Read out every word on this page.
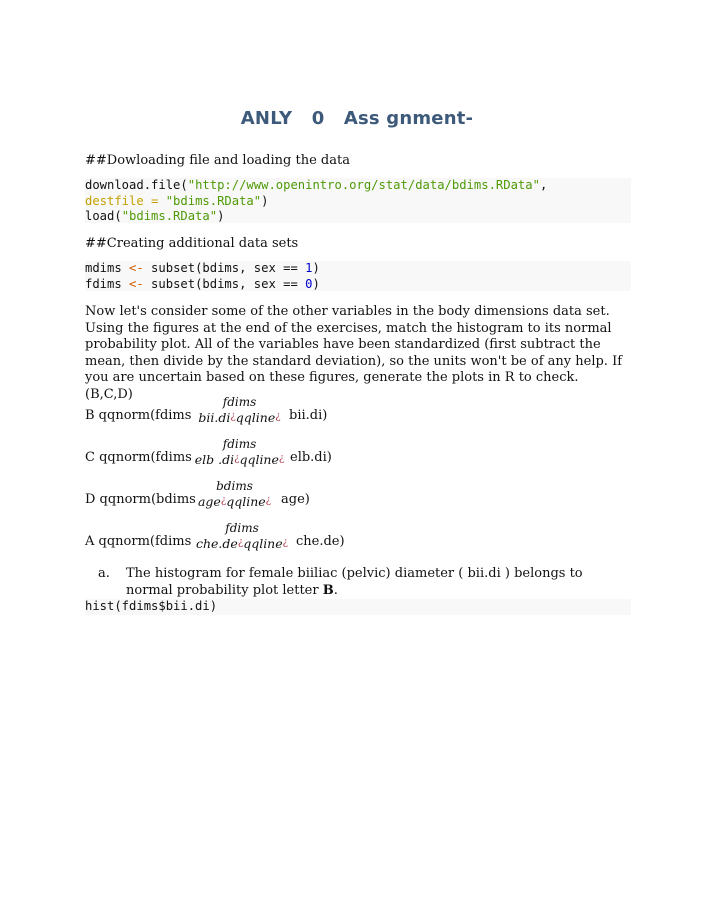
ANLY   0   Ass gnment-
##Dowloading file and loading the data
download.file("http://www.openintro.org/stat/data/bdims.RData",
destfile = "bdims.RData")
load("bdims.RData")
##Creating additional data sets
mdims <- subset(bdims, sex == 1)
fdims <- subset(bdims, sex == 0)
Now let's consider some of the other variables in the body dimensions data set. Using the figures at the end of the exercises, match the histogram to its normal probability plot. All of the variables have been standardized (first subtract the mean, then divide by the standard deviation), so the units won't be of any help. If you are uncertain based on these figures, generate the plots in R to check. (B,C,D)
B qqnorm(fdims
fdims
bii.di¿qqline¿ bii.di)
C qqnorm(fdims
fdims
elb .di¿qqline¿ elb.di)
D qqnorm(bdims
bdims
age¿qqline¿ age)
A qqnorm(fdims
fdims
che.de¿qqline¿ che.de)
a. The histogram for female biiliac (pelvic) diameter ( bii.di ) belongs to normal probability plot letter B.
hist(fdims$bii.di)
